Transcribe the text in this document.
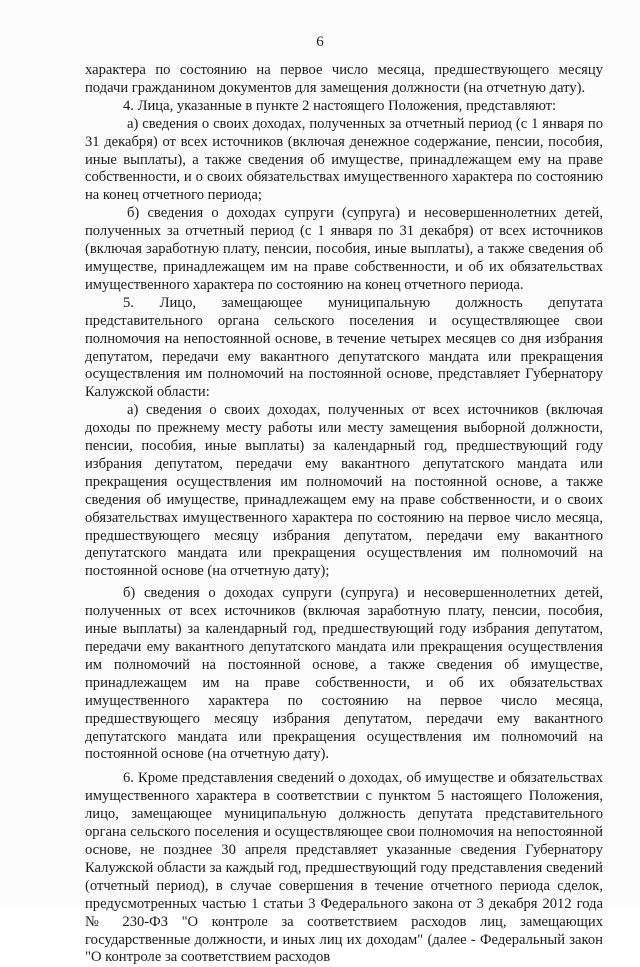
6

характера по состоянию на первое число месяца, предшествующего месяцу подачи гражданином документов для замещения должности (на отчетную дату).

4. Лица, указанные в пункте 2 настоящего Положения, представляют:

а) сведения о своих доходах, полученных за отчетный период (с 1 января по 31 декабря) от всех источников (включая денежное содержание, пенсии, пособия, иные выплаты), а также сведения об имуществе, принадлежащем ему на праве собственности, и о своих обязательствах имущественного характера по состоянию на конец отчетного периода;

б) сведения о доходах супруги (супруга) и несовершеннолетних детей, полученных за отчетный период (с 1 января по 31 декабря) от всех источников (включая заработную плату, пенсии, пособия, иные выплаты), а также сведения об имуществе, принадлежащем им на праве собственности, и об их обязательствах имущественного характера по состоянию на конец отчетного периода.

5. Лицо, замещающее муниципальную должность депутата представительного органа сельского поселения и осуществляющее свои полномочия на непостоянной основе, в течение четырех месяцев со дня избрания депутатом, передачи ему вакантного депутатского мандата или прекращения осуществления им полномочий на постоянной основе, представляет Губернатору Калужской области:

а) сведения о своих доходах, полученных от всех источников (включая доходы по прежнему месту работы или месту замещения выборной должности, пенсии, пособия, иные выплаты) за календарный год, предшествующий году избрания депутатом, передачи ему вакантного депутатского мандата или прекращения осуществления им полномочий на постоянной основе, а также сведения об имуществе, принадлежащем ему на праве собственности, и о своих обязательствах имущественного характера по состоянию на первое число месяца, предшествующего месяцу избрания депутатом, передачи ему вакантного депутатского мандата или прекращения осуществления им полномочий на постоянной основе (на отчетную дату);

б) сведения о доходах супруги (супруга) и несовершеннолетних детей, полученных от всех источников (включая заработную плату, пенсии, пособия, иные выплаты) за календарный год, предшествующий году избрания депутатом, передачи ему вакантного депутатского мандата или прекращения осуществления им полномочий на постоянной основе, а также сведения об имуществе, принадлежащем им на праве собственности, и об их обязательствах имущественного характера по состоянию на первое число месяца, предшествующего месяцу избрания депутатом, передачи ему вакантного депутатского мандата или прекращения осуществления им полномочий на постоянной основе (на отчетную дату).

6. Кроме представления сведений о доходах, об имуществе и обязательствах имущественного характера в соответствии с пунктом 5 настоящего Положения, лицо, замещающее муниципальную должность депутата представительного органа сельского поселения и осуществляющее свои полномочия на непостоянной основе, не позднее 30 апреля представляет указанные сведения Губернатору Калужской области за каждый год, предшествующий году представления сведений (отчетный период), в случае совершения в течение отчетного периода сделок, предусмотренных частью 1 статьи 3 Федерального закона от 3 декабря 2012 года № 230-ФЗ "О контроле за соответствием расходов лиц, замещающих государственные должности, и иных лиц их доходам" (далее - Федеральный закон "О контроле за соответствием расходов
